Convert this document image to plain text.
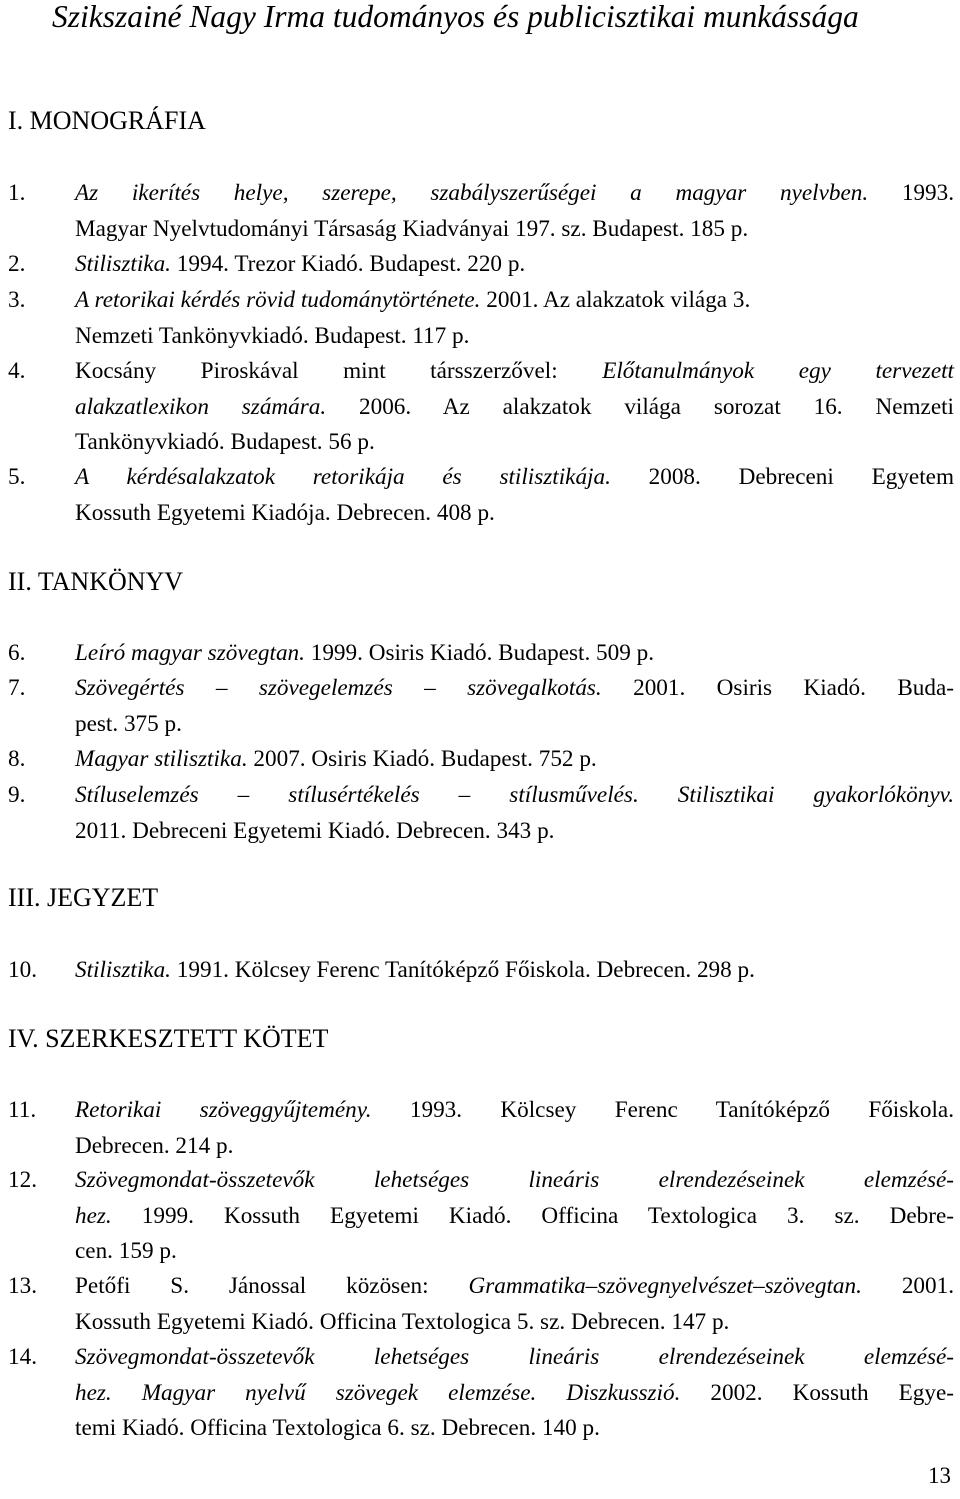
Szikszainé Nagy Irma tudományos és publicisztikai munkássága
I. MONOGRÁFIA
1. Az ikerítés helye, szerepe, szabályszerűségei a magyar nyelvben. 1993.
Magyar Nyelvtudományi Társaság Kiadványai 197. sz. Budapest. 185 p.
2. Stilisztika. 1994. Trezor Kiadó. Budapest. 220 p.
3. A retorikai kérdés rövid tudománytörténete. 2001. Az alakzatok világa 3.
Nemzeti Tankönyvkiadó. Budapest. 117 p.
4. Kocsány Piroskával mint társszerzővel: Előtanulmányok egy tervezett
alakzatlexikon számára. 2006. Az alakzatok világa sorozat 16. Nemzeti
Tankönyvkiadó. Budapest. 56 p.
5. A kérdésalakzatok retorikája és stilisztikája. 2008. Debreceni Egyetem
Kossuth Egyetemi Kiadója. Debrecen. 408 p.
II. TANKÖNYV
6. Leíró magyar szövegtan. 1999. Osiris Kiadó. Budapest. 509 p.
7. Szövegértés – szövegelemzés – szövegalkotás. 2001. Osiris Kiadó. Buda-
pest. 375 p.
8. Magyar stilisztika. 2007. Osiris Kiadó. Budapest. 752 p.
9. Stíluselemzés – stílusértékelés – stílusművelés. Stilisztikai gyakorlókönyv.
2011. Debreceni Egyetemi Kiadó. Debrecen. 343 p.
III. JEGYZET
10. Stilisztika. 1991. Kölcsey Ferenc Tanítóképző Főiskola. Debrecen. 298 p.
IV. SZERKESZTETT KÖTET
11. Retorikai szöveggyűjtemény. 1993. Kölcsey Ferenc Tanítóképző Főiskola.
Debrecen. 214 p.
12. Szövegmondat-összetevők lehetséges lineáris elrendezéseinek elemzésé-
hez. 1999. Kossuth Egyetemi Kiadó. Officina Textologica 3. sz. Debre-
cen. 159 p.
13. Petőfi S. Jánossal közösen: Grammatika–szövegnyelvészet–szövegtan. 2001.
Kossuth Egyetemi Kiadó. Officina Textologica 5. sz. Debrecen. 147 p.
14. Szövegmondat-összetevők lehetséges lineáris elrendezéseinek elemzésé-
hez. Magyar nyelvű szövegek elemzése. Diszkusszió. 2002. Kossuth Egye-
temi Kiadó. Officina Textologica 6. sz. Debrecen. 140 p.
13
